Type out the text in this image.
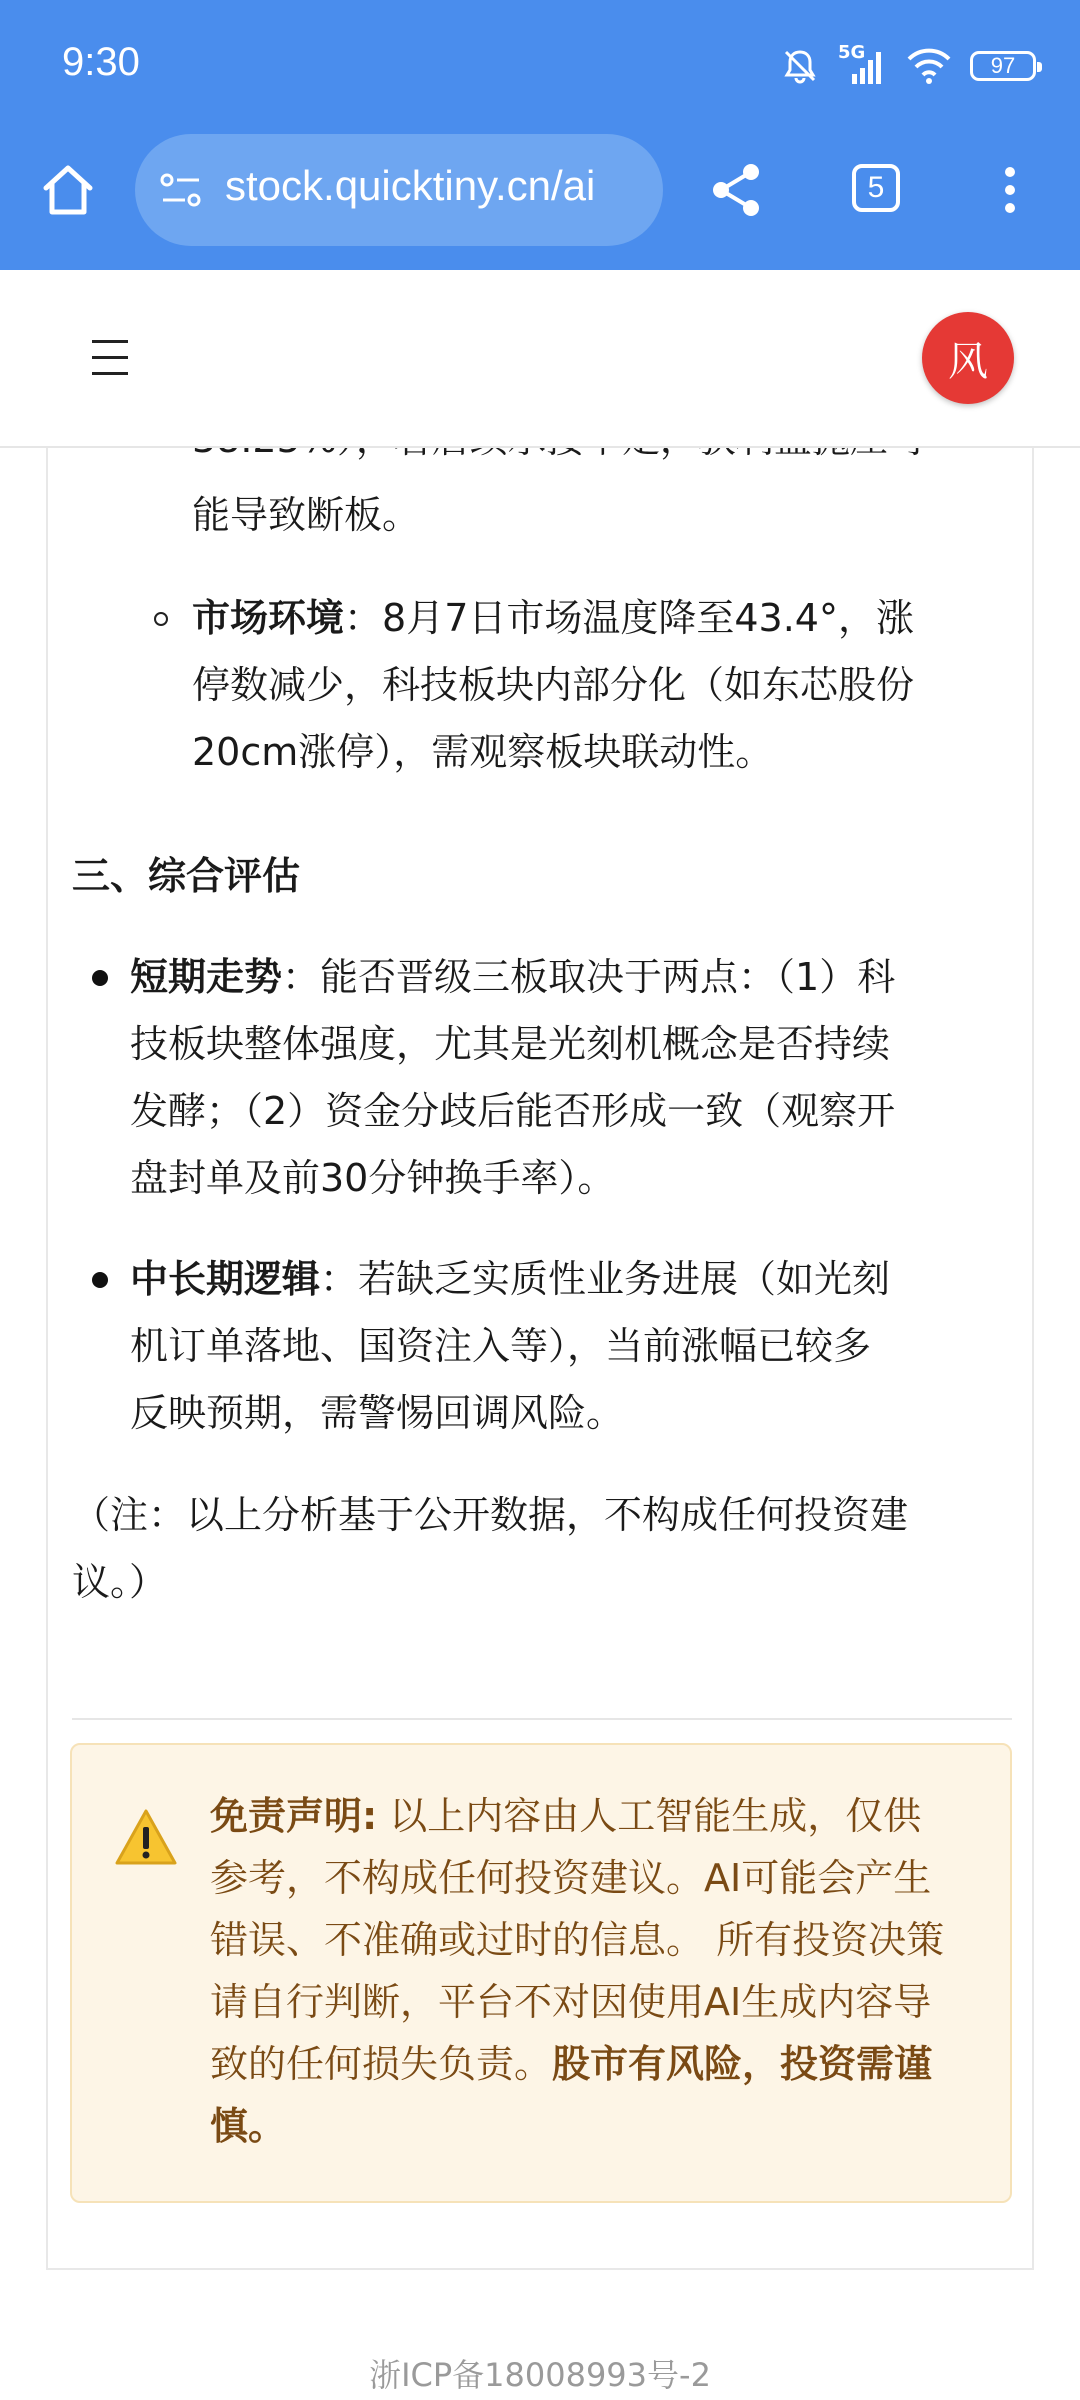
9:30	5G
97
stock.quicktiny.cn/ai	5
风
能导致断板。
市场环境：8月7日市场温度降至43.4°，涨
停数减少，科技板块内部分化（如东芯股份
20cm涨停），需观察板块联动性。
三、综合评估
短期走势：能否晋级三板取决于两点：（1）科
技板块整体强度，尤其是光刻机概念是否持续
发酵；（2）资金分歧后能否形成一致（观察开
盘封单及前30分钟换手率）。
中长期逻辑：若缺乏实质性业务进展（如光刻
机订单落地、国资注入等），当前涨幅已较多
反映预期，需警惕回调风险。
（注：以上分析基于公开数据，不构成任何投资建
议。）
免责声明: 以上内容由人工智能生成，仅供
参考，不构成任何投资建议。AI可能会产生
错误、不准确或过时的信息。 所有投资决策
请自行判断，平台不对因使用AI生成内容导
致的任何损失负责。股市有风险，投资需谨
慎。
浙ICP备18008993号-2
